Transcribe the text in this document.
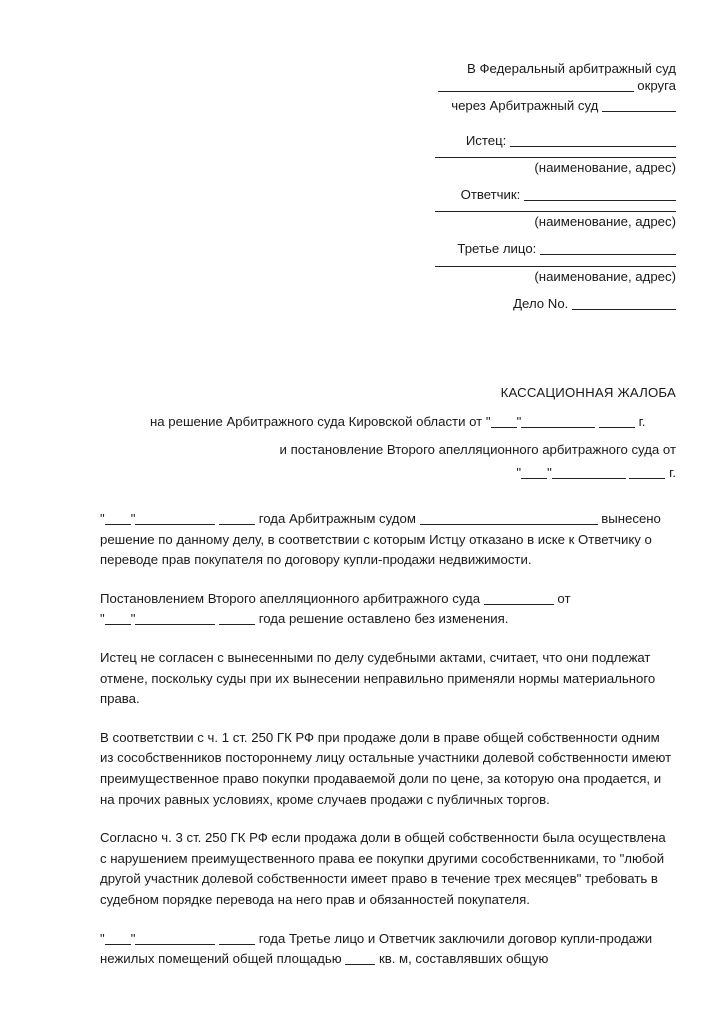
В Федеральный арбитражный суд
округа
через Арбитражный суд
Истец:
(наименование, адрес)
Ответчик:
(наименование, адрес)
Третье лицо:
(наименование, адрес)
Дело No.
КАССАЦИОННАЯ ЖАЛОБА
на решение Арбитражного суда Кировской области от " "	г.
и постановление Второго апелляционного арбитражного суда от
" "	г.

" "	года Арбитражным судом	вынесено решение по данному делу, в соответствии с которым Истцу отказано в иске к Ответчику о переводе прав покупателя по договору купли-продажи недвижимости.

Постановлением Второго апелляционного арбитражного суда	от
" "	года решение оставлено без изменения.

Истец не согласен с вынесенными по делу судебными актами, считает, что они подлежат отмене, поскольку суды при их вынесении неправильно применяли нормы материального права.

В соответствии с ч. 1 ст. 250 ГК РФ при продаже доли в праве общей собственности одним из сособственников постороннему лицу остальные участники долевой собственности имеют преимущественное право покупки продаваемой доли по цене, за которую она продается, и на прочих равных условиях, кроме случаев продажи с публичных торгов.

Согласно ч. 3 ст. 250 ГК РФ если продажа доли в общей собственности была осуществлена с нарушением преимущественного права ее покупки другими сособственниками, то "любой другой участник долевой собственности имеет право в течение трех месяцев" требовать в судебном порядке перевода на него прав и обязанностей покупателя.

" "	года Третье лицо и Ответчик заключили договор купли-продажи нежилых помещений общей площадью	кв. м, составлявших общую
